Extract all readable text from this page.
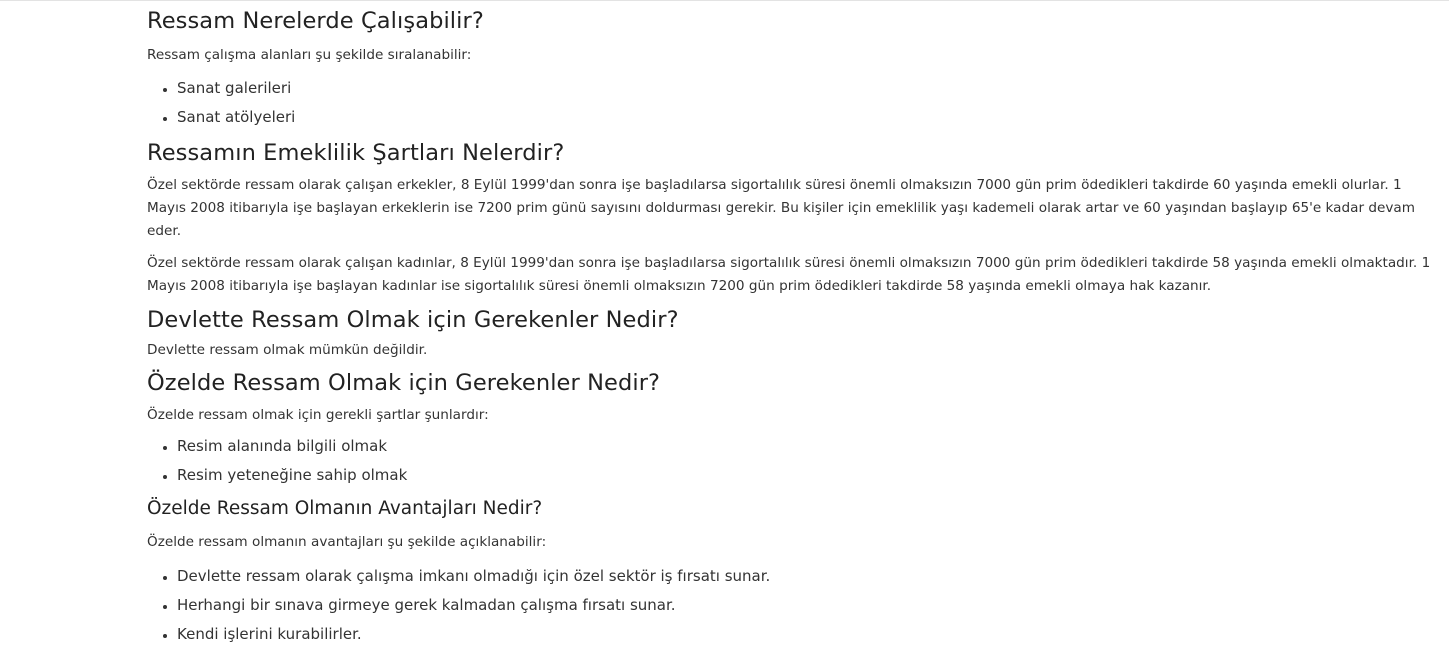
Ressam Nerelerde Çalışabilir?

Ressam çalışma alanları şu şekilde sıralanabilir:

• Sanat galerileri
• Sanat atölyeleri
Ressamın Emeklilik Şartları Nelerdir?

Özel sektörde ressam olarak çalışan erkekler, 8 Eylül 1999'dan sonra işe başladılarsa sigortalılık süresi önemli olmaksızın 7000 gün prim ödedikleri takdirde 60 yaşında emekli olurlar. 1 Mayıs 2008 itibarıyla işe başlayan erkeklerin ise 7200 prim günü sayısını doldurması gerekir. Bu kişiler için emeklilik yaşı kademeli olarak artar ve 60 yaşından başlayıp 65'e kadar devam eder.

Özel sektörde ressam olarak çalışan kadınlar, 8 Eylül 1999'dan sonra işe başladılarsa sigortalılık süresi önemli olmaksızın 7000 gün prim ödedikleri takdirde 58 yaşında emekli olmaktadır. 1 Mayıs 2008 itibarıyla işe başlayan kadınlar ise sigortalılık süresi önemli olmaksızın 7200 gün prim ödedikleri takdirde 58 yaşında emekli olmaya hak kazanır.

Devlette Ressam Olmak için Gerekenler Nedir?

Devlette ressam olmak mümkün değildir.

Özelde Ressam Olmak için Gerekenler Nedir?

Özelde ressam olmak için gerekli şartlar şunlardır:

• Resim alanında bilgili olmak
• Resim yeteneğine sahip olmak
Özelde Ressam Olmanın Avantajları Nedir?

Özelde ressam olmanın avantajları şu şekilde açıklanabilir:

• Devlette ressam olarak çalışma imkanı olmadığı için özel sektör iş fırsatı sunar.
• Herhangi bir sınava girmeye gerek kalmadan çalışma fırsatı sunar.
• Kendi işlerini kurabilirler.
